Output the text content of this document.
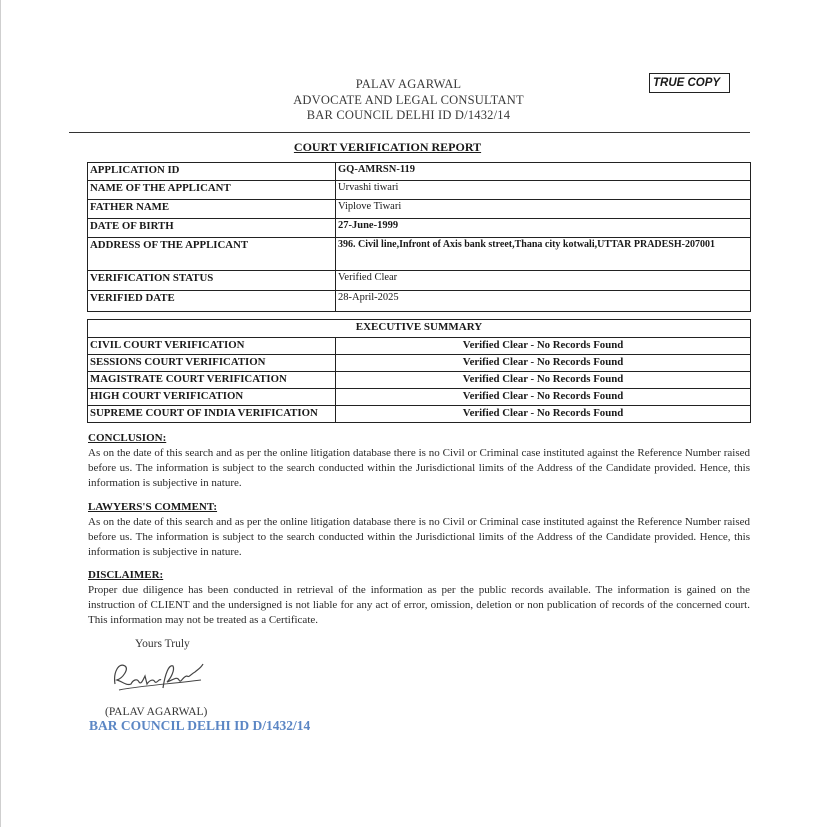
PALAV AGARWAL
ADVOCATE AND LEGAL CONSULTANT
BAR COUNCIL DELHI ID D/1432/14
TRUE COPY
COURT VERIFICATION REPORT
APPLICATION ID	GQ-AMRSN-119
NAME OF THE APPLICANT	Urvashi tiwari
FATHER NAME	Viplove Tiwari
DATE OF BIRTH	27-June-1999
ADDRESS OF THE APPLICANT	396. Civil line,Infront of Axis bank street,Thana city kotwali,UTTAR PRADESH-207001
VERIFICATION STATUS	Verified Clear
VERIFIED DATE	28-April-2025
EXECUTIVE SUMMARY	
CIVIL COURT VERIFICATION	Verified Clear - No Records Found
SESSIONS COURT VERIFICATION	Verified Clear - No Records Found
MAGISTRATE COURT VERIFICATION	Verified Clear - No Records Found
HIGH COURT VERIFICATION	Verified Clear - No Records Found
SUPREME COURT OF INDIA VERIFICATION	Verified Clear - No Records Found
CONCLUSION:
As on the date of this search and as per the online litigation database there is no Civil or Criminal case instituted against the Reference Number raised before us. The information is subject to the search conducted within the Jurisdictional limits of the Address of the Candidate provided. Hence, this information is subjective in nature.
LAWYERS'S COMMENT:
As on the date of this search and as per the online litigation database there is no Civil or Criminal case instituted against the Reference Number raised before us. The information is subject to the search conducted within the Jurisdictional limits of the Address of the Candidate provided. Hence, this information is subjective in nature.
DISCLAIMER:
Proper due diligence has been conducted in retrieval of the information as per the public records available. The information is gained on the instruction of CLIENT and the undersigned is not liable for any act of error, omission, deletion or non publication of records of the concerned court. This information may not be treated as a Certificate.
Yours Truly
(PALAV AGARWAL)
BAR COUNCIL DELHI ID D/1432/14
